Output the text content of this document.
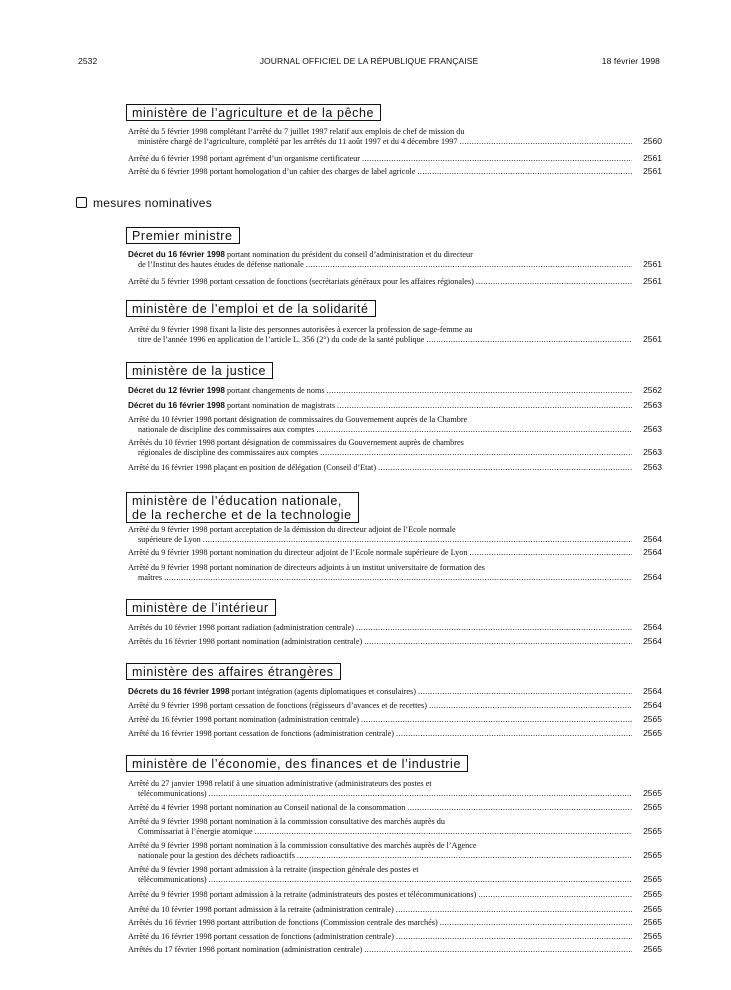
2532	JOURNAL OFFICIEL DE LA RÉPUBLIQUE FRANÇAISE	18 février 1998
mesures nominatives
ministère de l’agriculture et de la pêche
Arrêté du 5 février 1998 complétant l’arrêté du 7 juillet 1997 relatif aux emplois de chef de mission du
ministère chargé de l’agriculture, complété par les arrêtés du 11 août 1997 et du 4 décembre 1997 .....	2560
Arrêté du 6 février 1998 portant agrément d’un organisme certificateur .....	2561
Arrêté du 6 février 1998 portant homologation d’un cahier des charges de label agricole .....	2561
Premier ministre
Décret du 16 février 1998 portant nomination du président du conseil d’administration et du directeur
de l’Institut des hautes études de défense nationale .....	2561
Arrêté du 5 février 1998 portant cessation de fonctions (secrétariats généraux pour les affaires régionales) .....	2561
ministère de l’emploi et de la solidarité
Arrêté du 9 février 1998 fixant la liste des personnes autorisées à exercer la profession de sage-femme au
titre de l’année 1996 en application de l’article L. 356 (2°) du code de la santé publique .....	2561
ministère de la justice
Décret du 12 février 1998 portant changements de noms .....	2562
Décret du 16 février 1998 portant nomination de magistrats .....	2563
Arrêté du 10 février 1998 portant désignation de commissaires du Gouvernement auprès de la Chambre
nationale de discipline des commissaires aux comptes .....	2563
Arrêtés du 10 février 1998 portant désignation de commissaires du Gouvernement auprès de chambres
régionales de discipline des commissaires aux comptes .....	2563
Arrêté du 16 février 1998 plaçant en position de délégation (Conseil d’Etat) .....	2563
ministère de l’éducation nationale,
de la recherche et de la technologie
Arrêté du 9 février 1998 portant acceptation de la démission du directeur adjoint de l’Ecole normale
supérieure de Lyon .....	2564
Arrêté du 9 février 1998 portant nomination du directeur adjoint de l’Ecole normale supérieure de Lyon .....	2564
Arrêté du 9 février 1998 portant nomination de directeurs adjoints à un institut universitaire de formation des
maîtres .....	2564
ministère de l’intérieur
Arrêtés du 10 février 1998 portant radiation (administration centrale) .....	2564
Arrêtés du 16 février 1998 portant nomination (administration centrale) .....	2564
ministère des affaires étrangères
Décrets du 16 février 1998 portant intégration (agents diplomatiques et consulaires) .....	2564
Arrêté du 9 février 1998 portant cessation de fonctions (régisseurs d’avances et de recettes) .....	2564
Arrêté du 16 février 1998 portant nomination (administration centrale) .....	2565
Arrêté du 16 février 1998 portant cessation de fonctions (administration centrale) .....	2565
ministère de l’économie, des finances et de l’industrie
Arrêté du 27 janvier 1998 relatif à une situation administrative (administrateurs des postes et
télécommunications) .....	2565
Arrêté du 4 février 1998 portant nomination au Conseil national de la consommation .....	2565
Arrêté du 9 février 1998 portant nomination à la commission consultative des marchés auprès du
Commissariat à l’énergie atomique .....	2565
Arrêté du 9 février 1998 portant nomination à la commission consultative des marchés auprès de l’Agence
nationale pour la gestion des déchets radioactifs .....	2565
Arrêté du 9 février 1998 portant admission à la retraite (inspection générale des postes et
télécommunications) .....	2565
Arrêté du 9 février 1998 portant admission à la retraite (administrateurs des postes et télécommunications) .....	2565
Arrêté du 10 février 1998 portant admission à la retraite (administration centrale) .....	2565
Arrêtés du 16 février 1998 portant attribution de fonctions (Commission centrale des marchés) .....	2565
Arrêté du 16 février 1998 portant cessation de fonctions (administration centrale) .....	2565
Arrêtés du 17 février 1998 portant nomination (administration centrale) .....	2565
